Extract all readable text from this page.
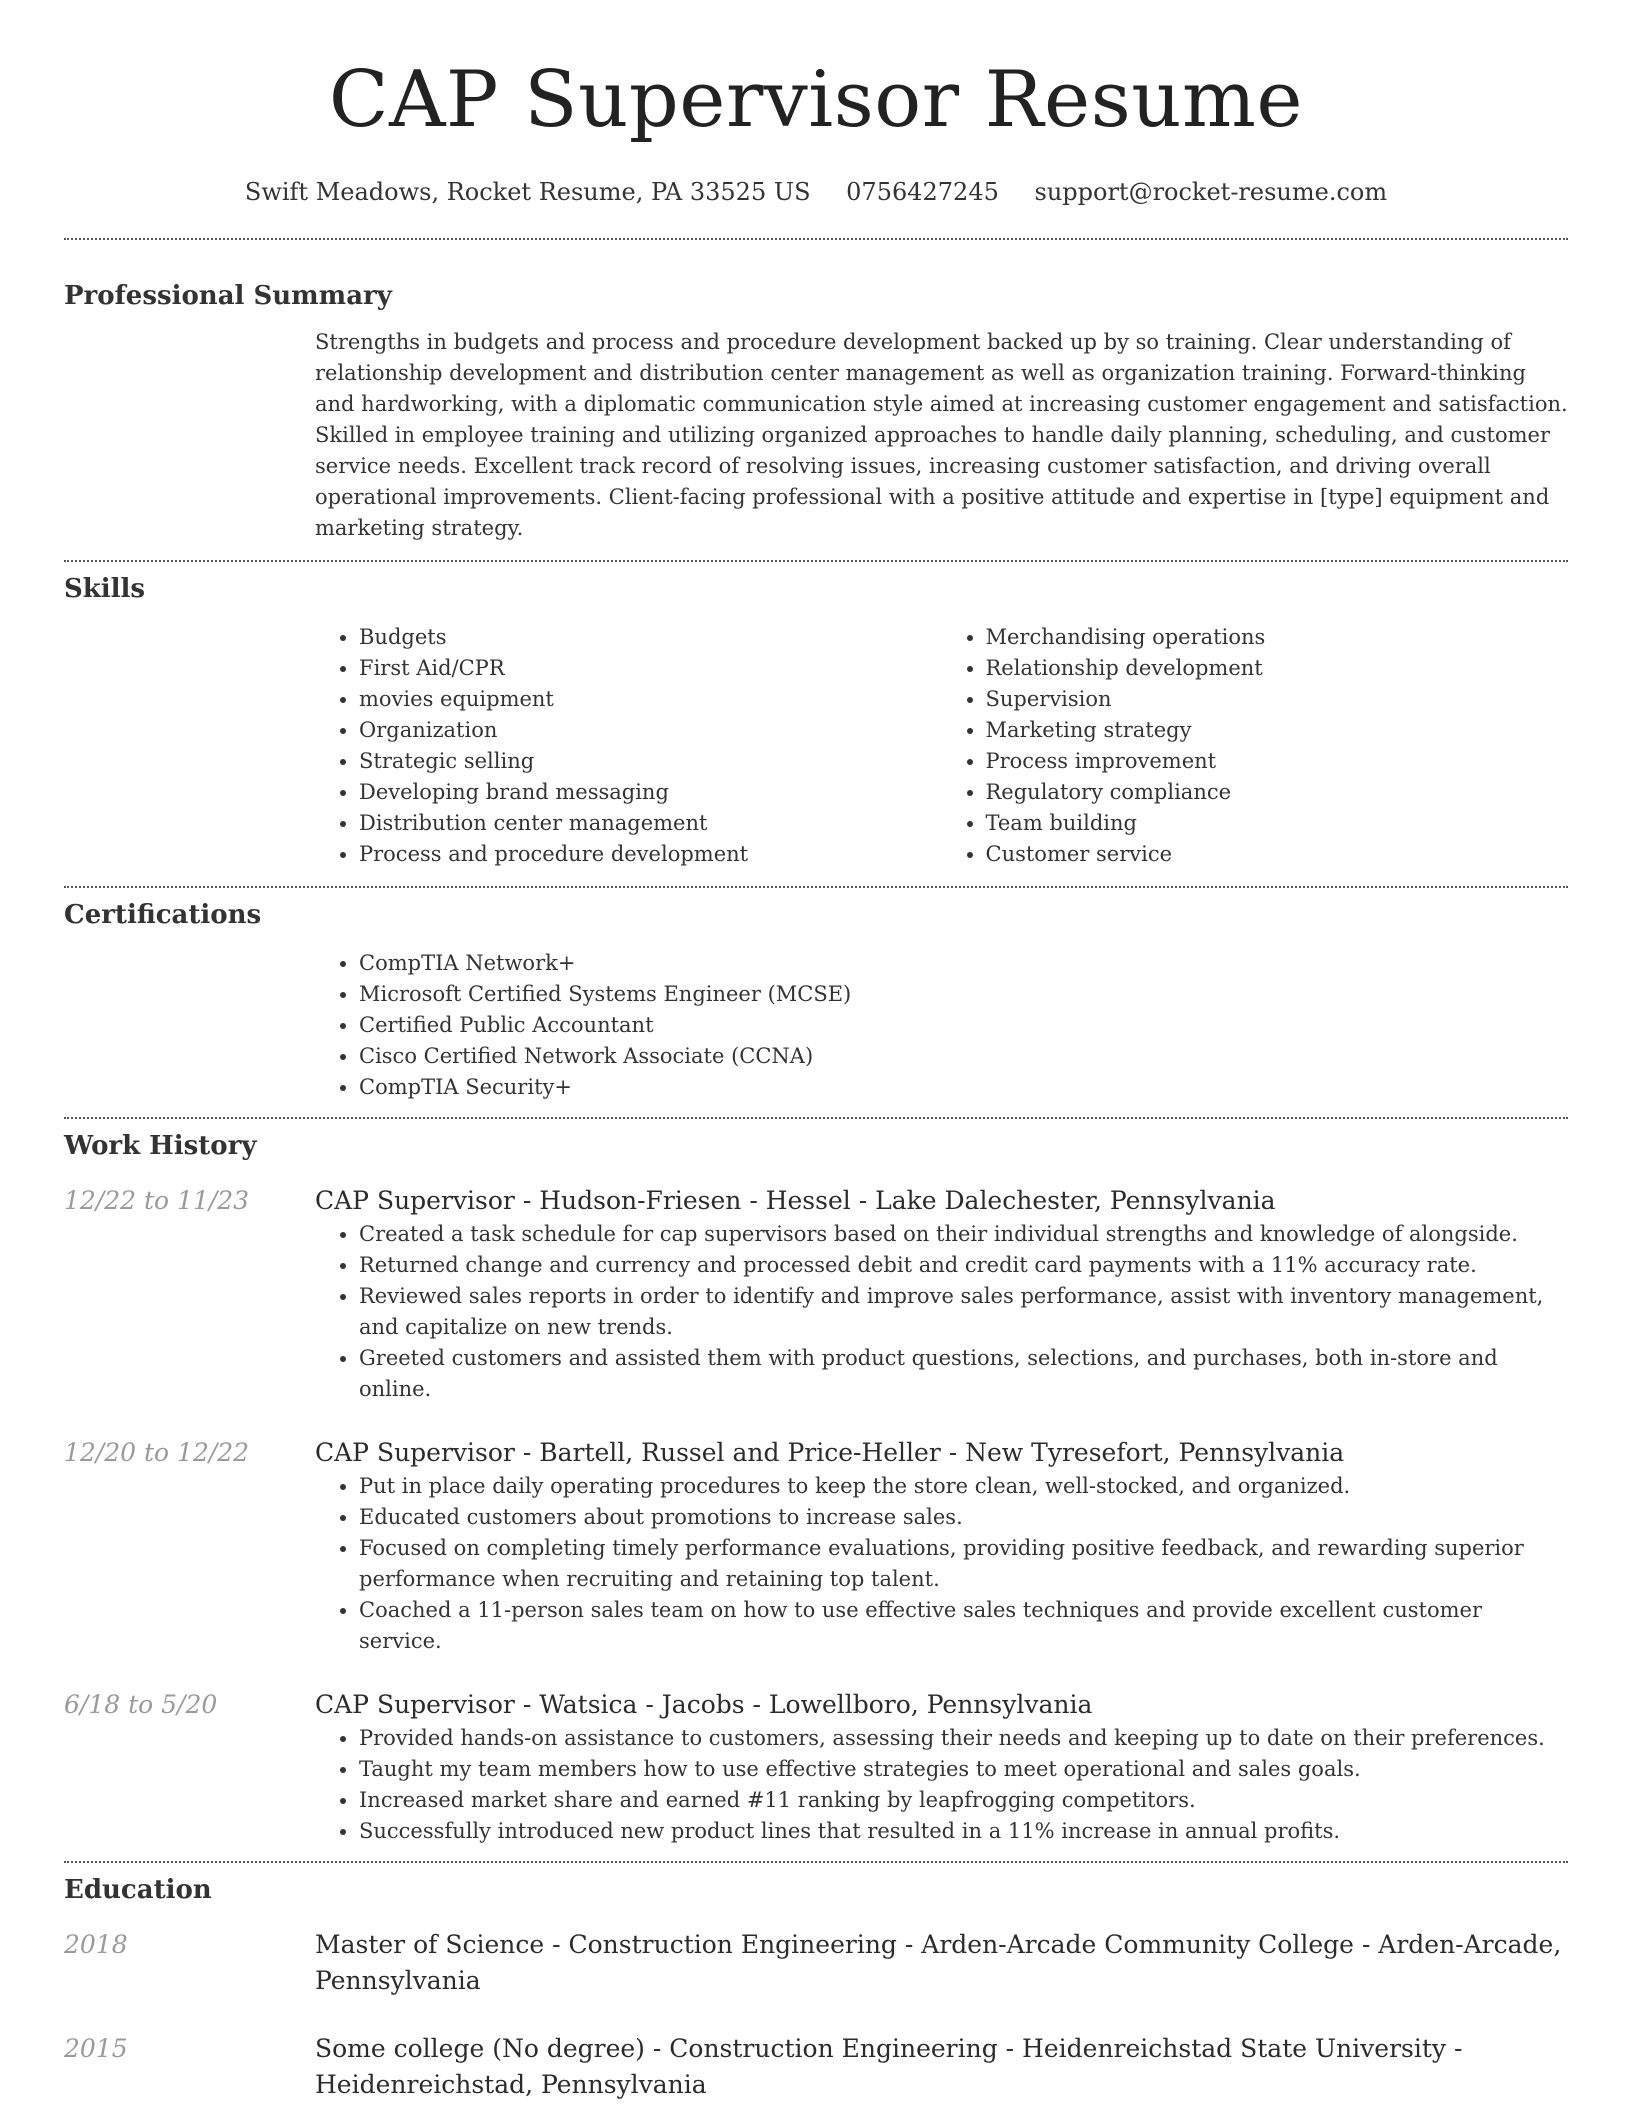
CAP Supervisor Resume
Swift Meadows, Rocket Resume, PA 33525 US 0756427245 support@rocket-resume.com
Professional Summary

Strengths in budgets and process and procedure development backed up by so training. Clear understanding of relationship development and distribution center management as well as organization training. Forward-thinking and hardworking, with a diplomatic communication style aimed at increasing customer engagement and satisfaction. Skilled in employee training and utilizing organized approaches to handle daily planning, scheduling, and customer service needs. Excellent track record of resolving issues, increasing customer satisfaction, and driving overall operational improvements. Client-facing professional with a positive attitude and expertise in [type] equipment and marketing strategy.

Skills
• Budgets
• First Aid/CPR
• movies equipment
• Organization
• Strategic selling
• Developing brand messaging
• Distribution center management
• Process and procedure development
• Merchandising operations
• Relationship development
• Supervision
• Marketing strategy
• Process improvement
• Regulatory compliance
• Team building
• Customer service
Certifications
• CompTIA Network+
• Microsoft Certified Systems Engineer (MCSE)
• Certified Public Accountant
• Cisco Certified Network Associate (CCNA)
• CompTIA Security+
Work History
12/22 to 11/23	CAP Supervisor - Hudson-Friesen - Hessel - Lake Dalechester, Pennsylvania
• Created a task schedule for cap supervisors based on their individual strengths and knowledge of alongside.
• Returned change and currency and processed debit and credit card payments with a 11% accuracy rate.
• Reviewed sales reports in order to identify and improve sales performance, assist with inventory management, and capitalize on new trends.
• Greeted customers and assisted them with product questions, selections, and purchases, both in-store and online.
12/20 to 12/22	CAP Supervisor - Bartell, Russel and Price-Heller - New Tyresefort, Pennsylvania
• Put in place daily operating procedures to keep the store clean, well-stocked, and organized.
• Educated customers about promotions to increase sales.
• Focused on completing timely performance evaluations, providing positive feedback, and rewarding superior performance when recruiting and retaining top talent.
• Coached a 11-person sales team on how to use effective sales techniques and provide excellent customer service.
6/18 to 5/20	CAP Supervisor - Watsica - Jacobs - Lowellboro, Pennsylvania
• Provided hands-on assistance to customers, assessing their needs and keeping up to date on their preferences.
• Taught my team members how to use effective strategies to meet operational and sales goals.
• Increased market share and earned #11 ranking by leapfrogging competitors.
• Successfully introduced new product lines that resulted in a 11% increase in annual profits.
Education
2018	Master of Science - Construction Engineering - Arden-Arcade Community College - Arden-Arcade, Pennsylvania
2015	Some college (No degree) - Construction Engineering - Heidenreichstad State University - Heidenreichstad, Pennsylvania
